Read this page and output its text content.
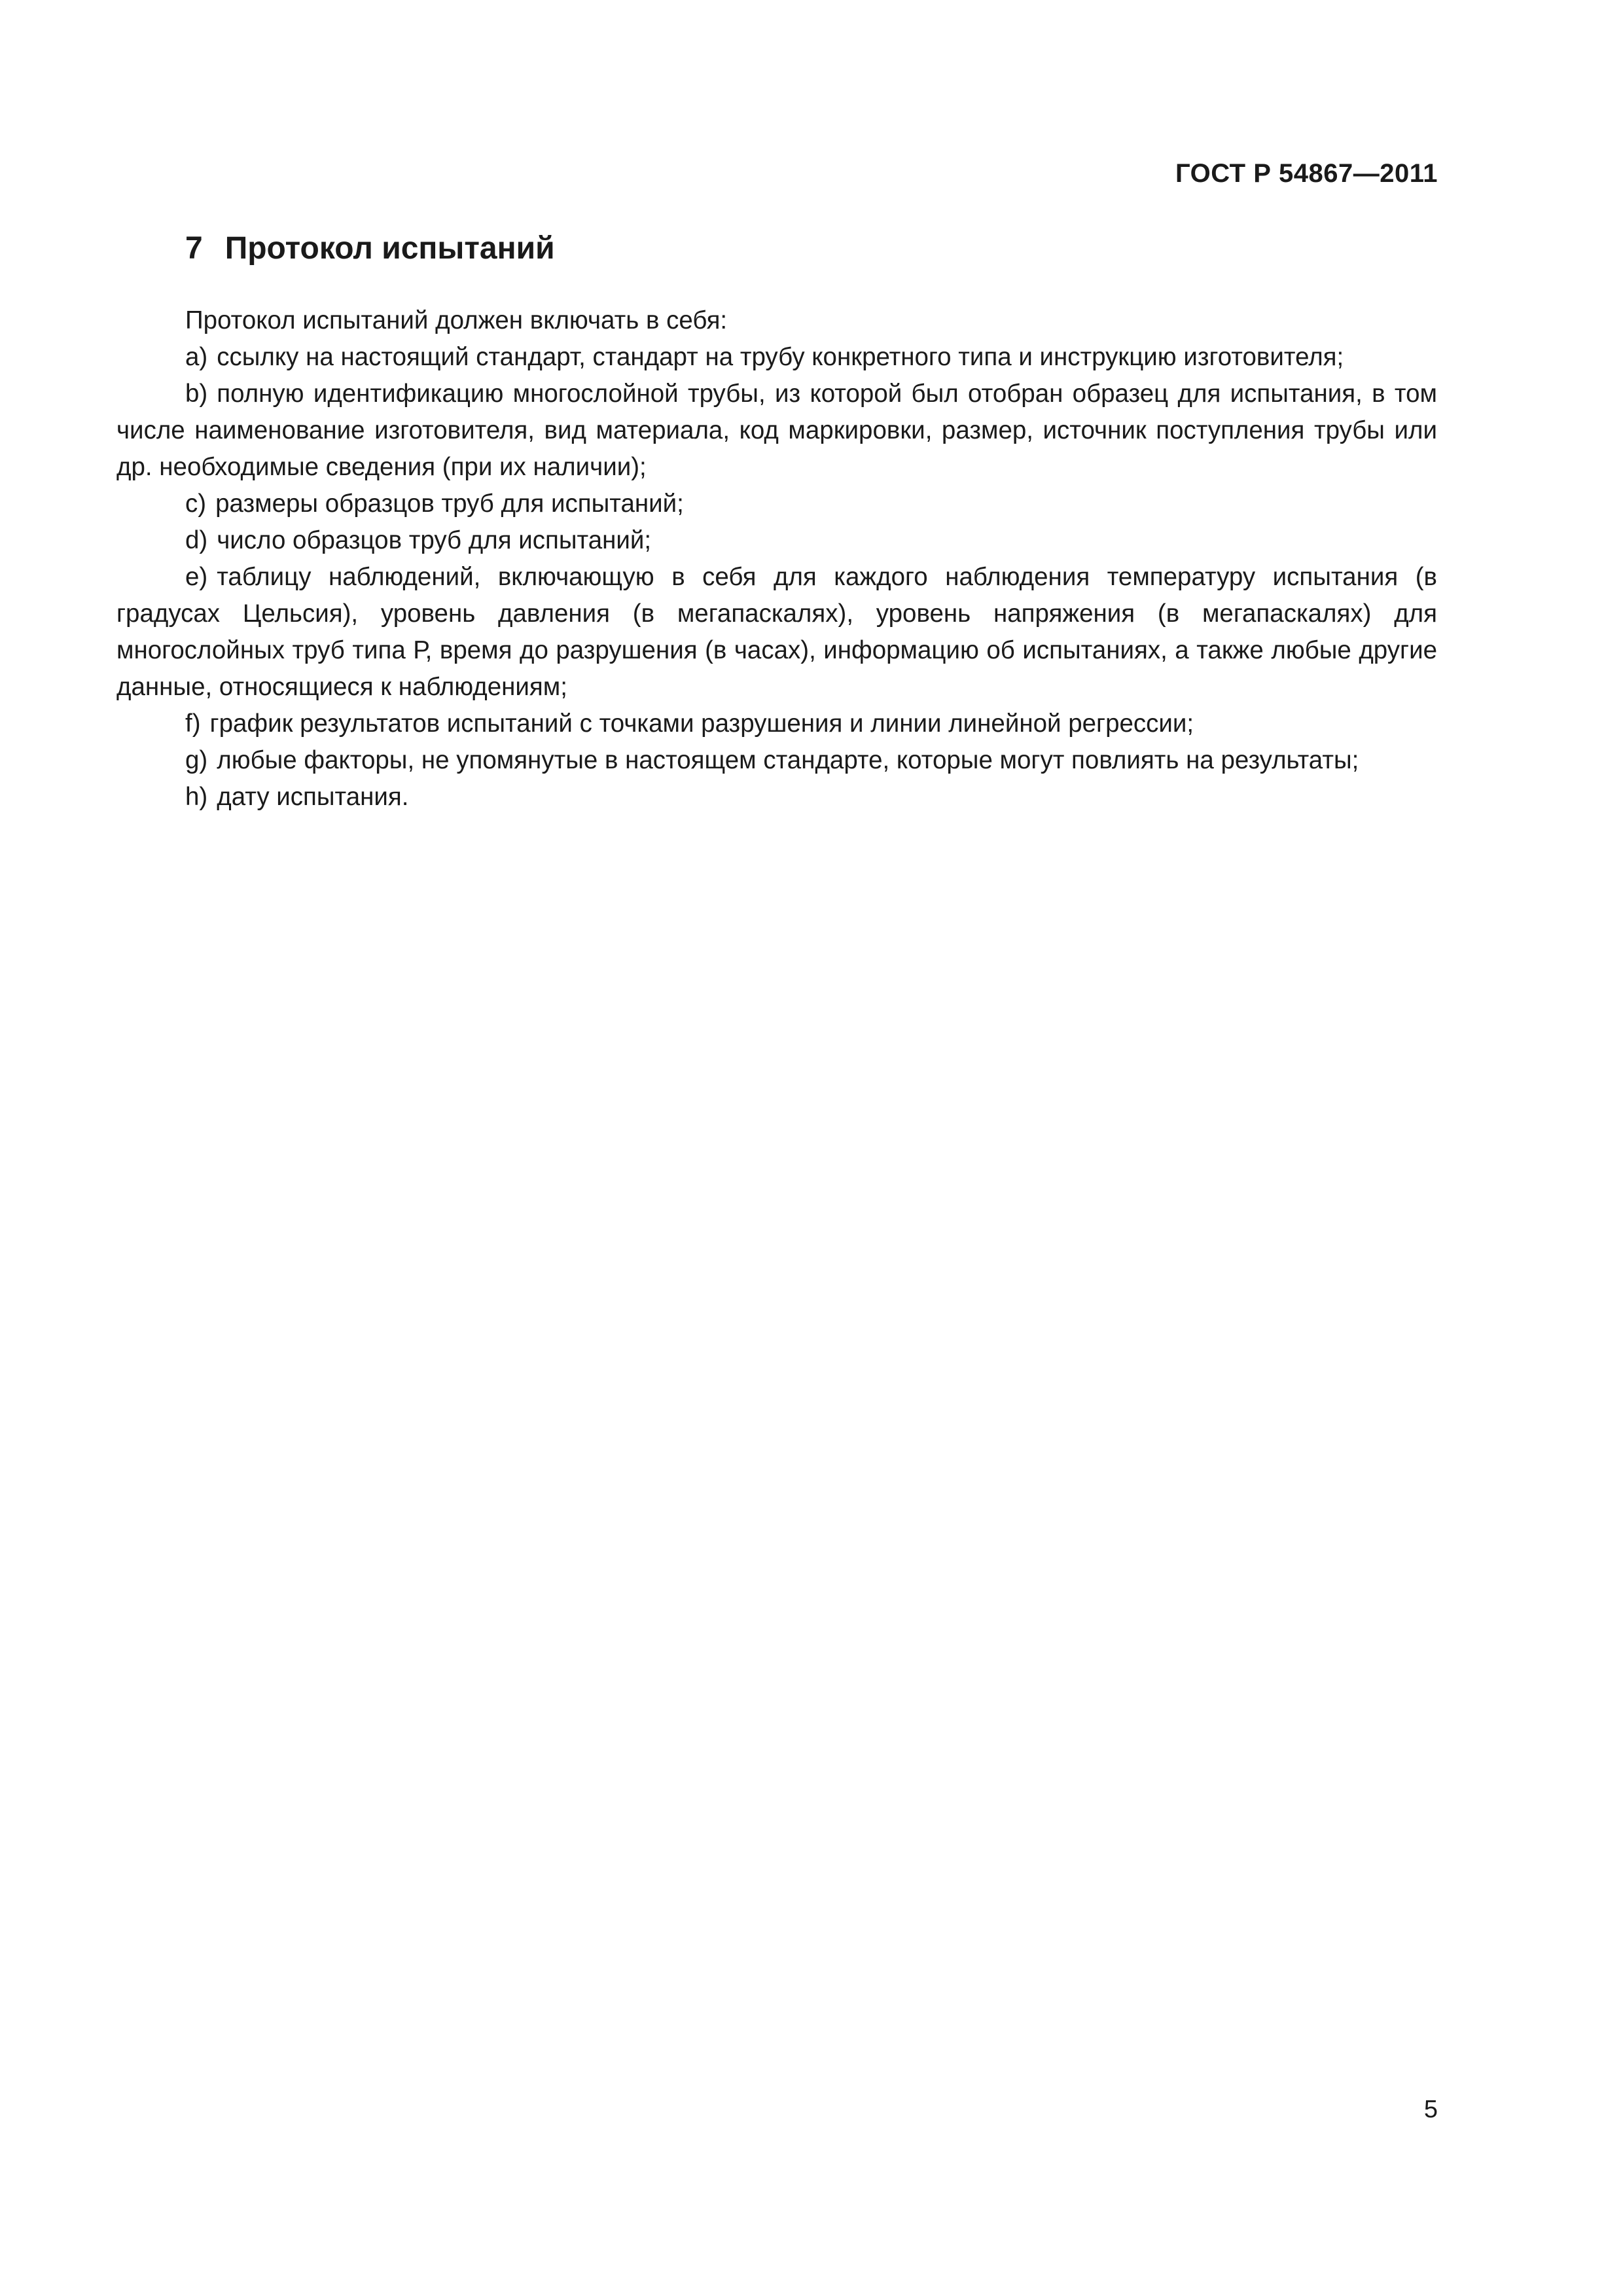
ГОСТ Р 54867—2011
7 Протокол испытаний

Протокол испытаний должен включать в себя:

a) ссылку на настоящий стандарт, стандарт на трубу конкретного типа и инструкцию изготовителя;

b) полную идентификацию многослойной трубы, из которой был отобран образец для испытания, в том числе наименование изготовителя, вид материала, код маркировки, размер, источник поступления трубы или др. необходимые сведения (при их наличии);

c) размеры образцов труб для испытаний;

d) число образцов труб для испытаний;

e) таблицу наблюдений, включающую в себя для каждого наблюдения температуру испытания (в градусах Цельсия), уровень давления (в мегапаскалях), уровень напряжения (в мегапаскалях) для многослойных труб типа Р, время до разрушения (в часах), информацию об испытаниях, а также любые другие данные, относящиеся к наблюдениям;

f) график результатов испытаний с точками разрушения и линии линейной регрессии;

g) любые факторы, не упомянутые в настоящем стандарте, которые могут повлиять на результаты;

h) дату испытания.

5
